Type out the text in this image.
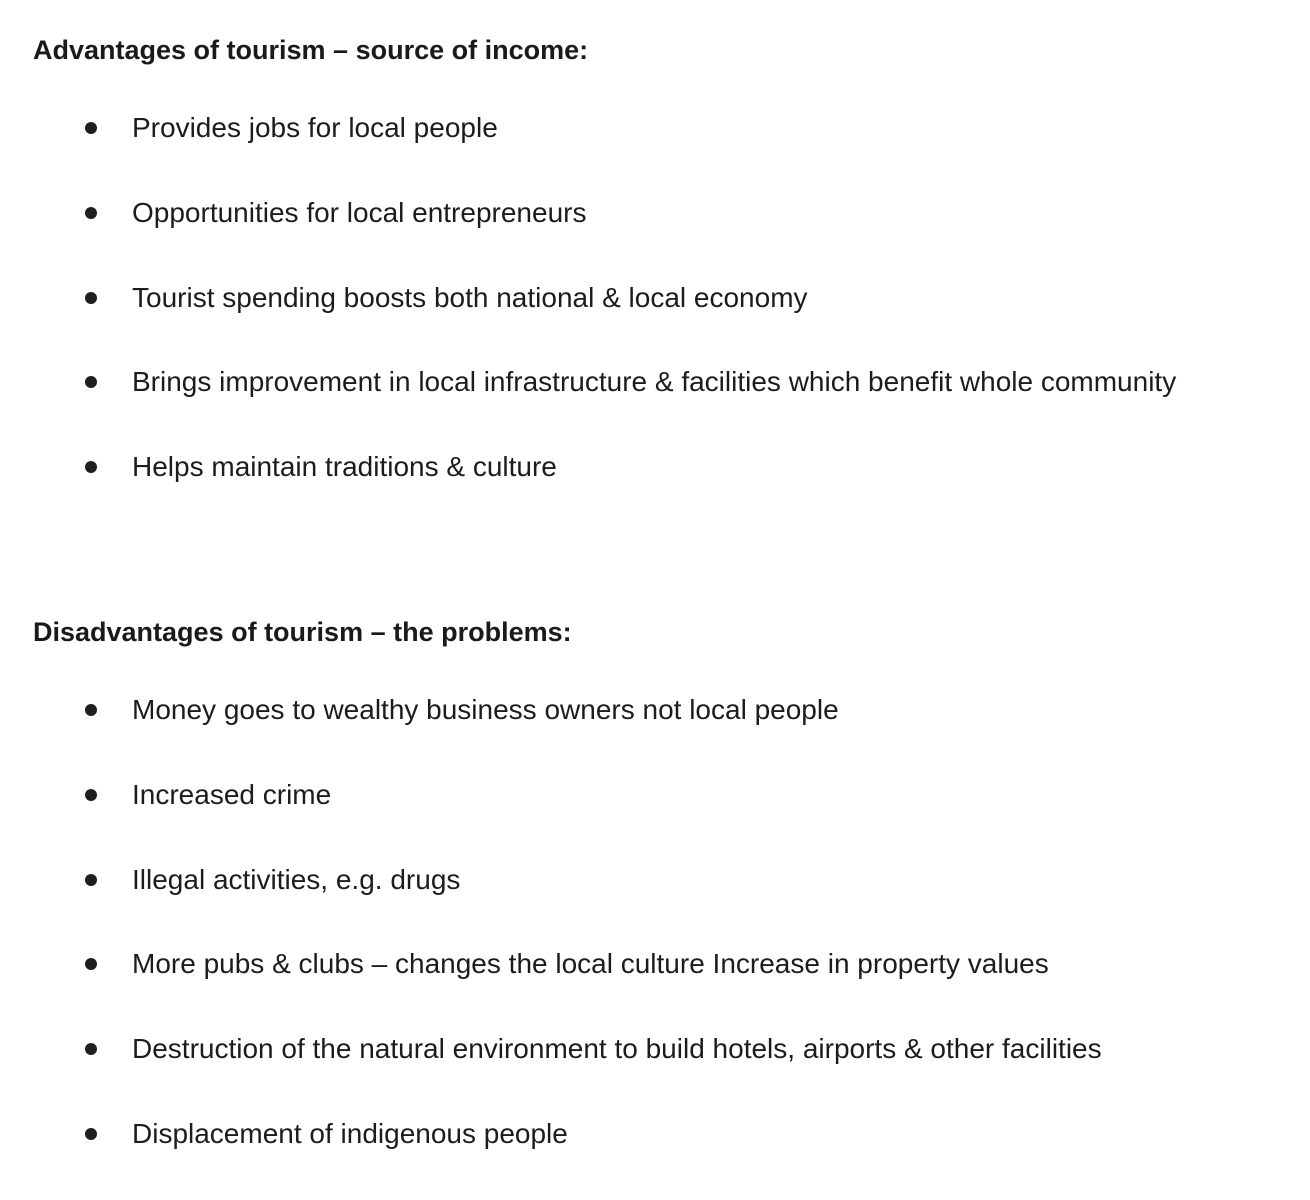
Advantages of tourism – source of income:
Provides jobs for local people
Opportunities for local entrepreneurs
Tourist spending boosts both national & local economy
Brings improvement in local infrastructure & facilities which benefit whole community
Helps maintain traditions & culture
Disadvantages of tourism – the problems:
Money goes to wealthy business owners not local people
Increased crime
Illegal activities, e.g. drugs
More pubs & clubs – changes the local culture Increase in property values
Destruction of the natural environment to build hotels, airports & other facilities
Displacement of indigenous people
